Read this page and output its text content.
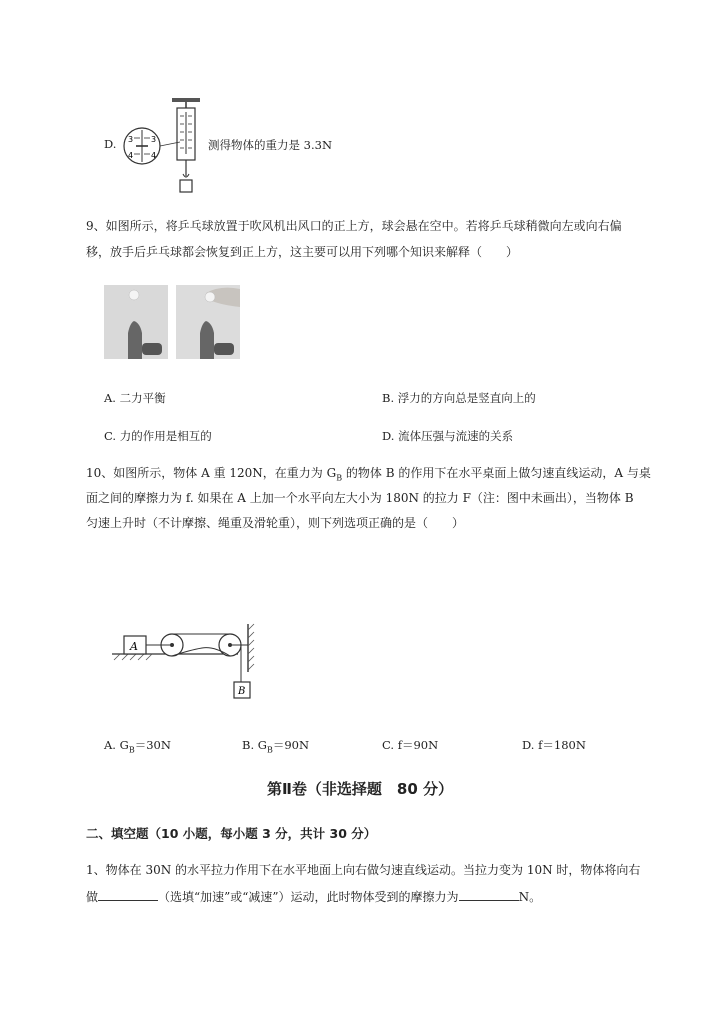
D. 3
4
3
4
测得物体的重力是 3.3N
9、如图所示，将乒乓球放置于吹风机出风口的正上方，球会悬在空中。若将乒乓球稍微向左或向右偏
移，放手后乒乓球都会恢复到正上方，这主要可以用下列哪个知识来解释（　　）
A. 二力平衡	B. 浮力的方向总是竖直向上的
C. 力的作用是相互的	D. 流体压强与流速的关系
10、如图所示，物体 A 重 120N，在重力为 $G_B$ 的物体 B 的作用下在水平桌面上做匀速直线运动，A 与桌
面之间的摩擦力为 f. 如果在 A 上加一个水平向左大小为 180N 的拉力 F（注：图中未画出），当物体 B
匀速上升时（不计摩擦、绳重及滑轮重），则下列选项正确的是（　　）
A
B
A. $G_B=30N$	B. $G_B=90N$	C. f＝90N	D. f＝180N
第Ⅱ卷（非选择题　80 分）
二、填空题（10 小题，每小题 3 分，共计 30 分）
1、物体在 30N 的水平拉力作用下在水平地面上向右做匀速直线运动。当拉力变为 10N 时，物体将向右
做	（选填“加速”或“减速”）运动，此时物体受到的摩擦力为	N。
